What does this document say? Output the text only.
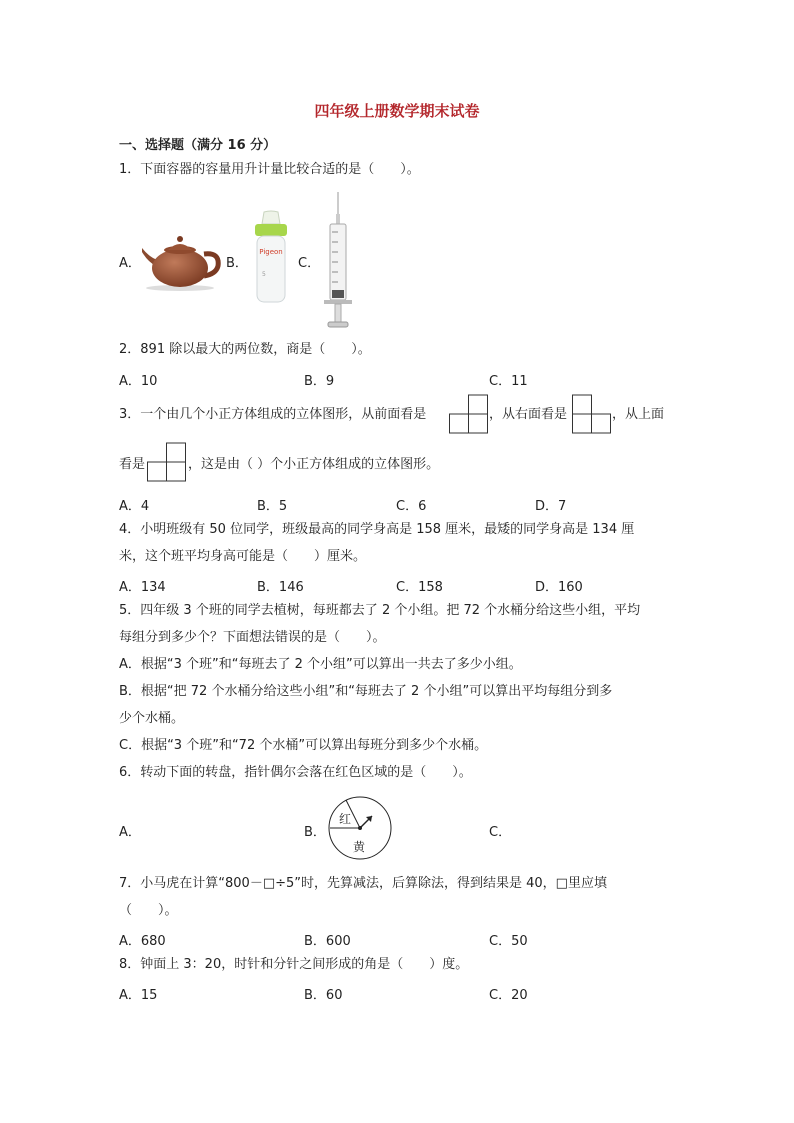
四年级上册数学期末试卷
一、选择题（满分 16 分）
1．下面容器的容量用升计量比较合适的是（　　）。
A．	B．
Pigeon
5
C．
2．891 除以最大的两位数，商是（　　）。
A．10	B．9	C．11
3．一个由几个小正方体组成的立体图形，从前面看是	，从右面看是	，从上面
看是	，这是由（ ）个小正方体组成的立体图形。
A．4	B．5	C．6	D．7
4．小明班级有 50 位同学，班级最高的同学身高是 158 厘米，最矮的同学身高是 134 厘
米，这个班平均身高可能是（　　）厘米。
A．134	B．146	C．158	D．160
5．四年级 3 个班的同学去植树，每班都去了 2 个小组。把 72 个水桶分给这些小组，平均
每组分到多少个？下面想法错误的是（　　）。
A．根据“3 个班”和“每班去了 2 个小组”可以算出一共去了多少小组。
B．根据“把 72 个水桶分给这些小组”和“每班去了 2 个小组”可以算出平均每组分到多
少个水桶。
C．根据“3 个班”和“72 个水桶”可以算出每班分到多少个水桶。
6．转动下面的转盘，指针偶尔会落在红色区域的是（　　）。
A．	B．
红
黄
C．
7．小马虎在计算“800－□÷5”时，先算减法，后算除法，得到结果是 40，□里应填
（　　）。
A．680	B．600	C．50
8．钟面上 3：20，时针和分针之间形成的角是（　　）度。
A．15	B．60	C．20
